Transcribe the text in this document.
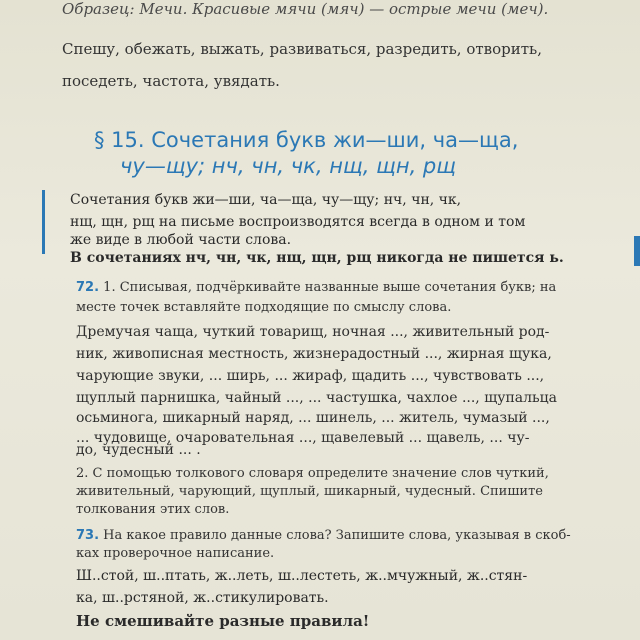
Образец: Мечи. Красивые мячи (мяч) — острые мечи (меч).
Спешу, обежать, выжать, развиваться, разредить, отворить,
поседеть, частота, увядать.
§ 15. Сочетания букв жи—ши, ча—ща,
чу—щу; нч, чн, чк, нщ, щн, рщ
Сочетания букв жи—ши, ча—ща, чу—щу; нч, чн, чк,
нщ, щн, рщ на письме воспроизводятся всегда в одном и том
же виде в любой части слова.
В сочетаниях нч, чн, чк, нщ, щн, рщ никогда не пишется ь.
72. 1. Списывая, подчёркивайте названные выше сочетания букв; на
месте точек вставляйте подходящие по смыслу слова.
Дремучая чаща, чуткий товарищ, ночная ..., живительный род-
ник, живописная местность, жизнерадостный ..., жирная щука,
чарующие звуки, ... ширь, ... жираф, щадить ..., чувствовать ...,
щуплый парнишка, чайный ..., ... частушка, чахлое ..., щупальца
осьминога, шикарный наряд, ... шинель, ... житель, чумазый ...,
... чудовище, очаровательная ..., щавелевый ... щавель, ... чу-
до, чудесный ... .
2. С помощью толкового словаря определите значение слов чуткий,
живительный, чарующий, щуплый, шикарный, чудесный. Спишите
толкования этих слов.
73. На какое правило данные слова? Запишите слова, указывая в скоб-
ках проверочное написание.
Ш..стой, ш..птать, ж..леть, ш..лестеть, ж..мчужный, ж..стян-
ка, ш..рстяной, ж..стикулировать.
Не смешивайте разные правила!
